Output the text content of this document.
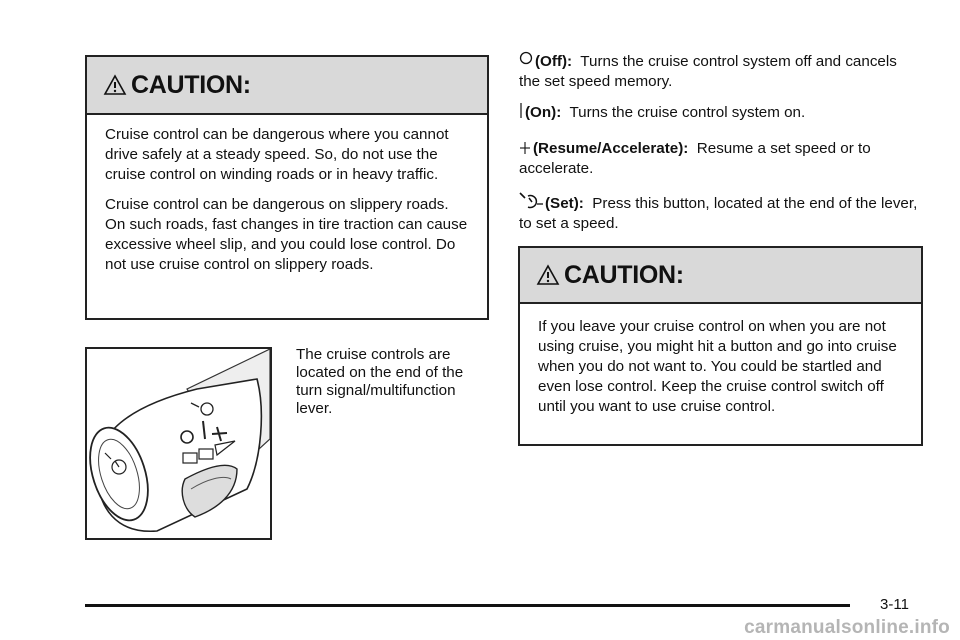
CAUTION:

Cruise control can be dangerous where you cannot drive safely at a steady speed. So, do not use the cruise control on winding roads or in heavy traffic.

Cruise control can be dangerous on slippery roads. On such roads, fast changes in tire traction can cause excessive wheel slip, and you could lose control. Do not use cruise control on slippery roads.

The cruise controls are located on the end of the turn signal/multifunction lever.

(Off): Turns the cruise control system off and cancels the set speed memory.

(On): Turns the cruise control system on.

(Resume/Accelerate): Resume a set speed or to accelerate.

(Set): Press this button, located at the end of the lever, to set a speed.

CAUTION:

If you leave your cruise control on when you are not using cruise, you might hit a button and go into cruise when you do not want to. You could be startled and even lose control. Keep the cruise control switch off until you want to use cruise control.

3-11
carmanualsonline.info
